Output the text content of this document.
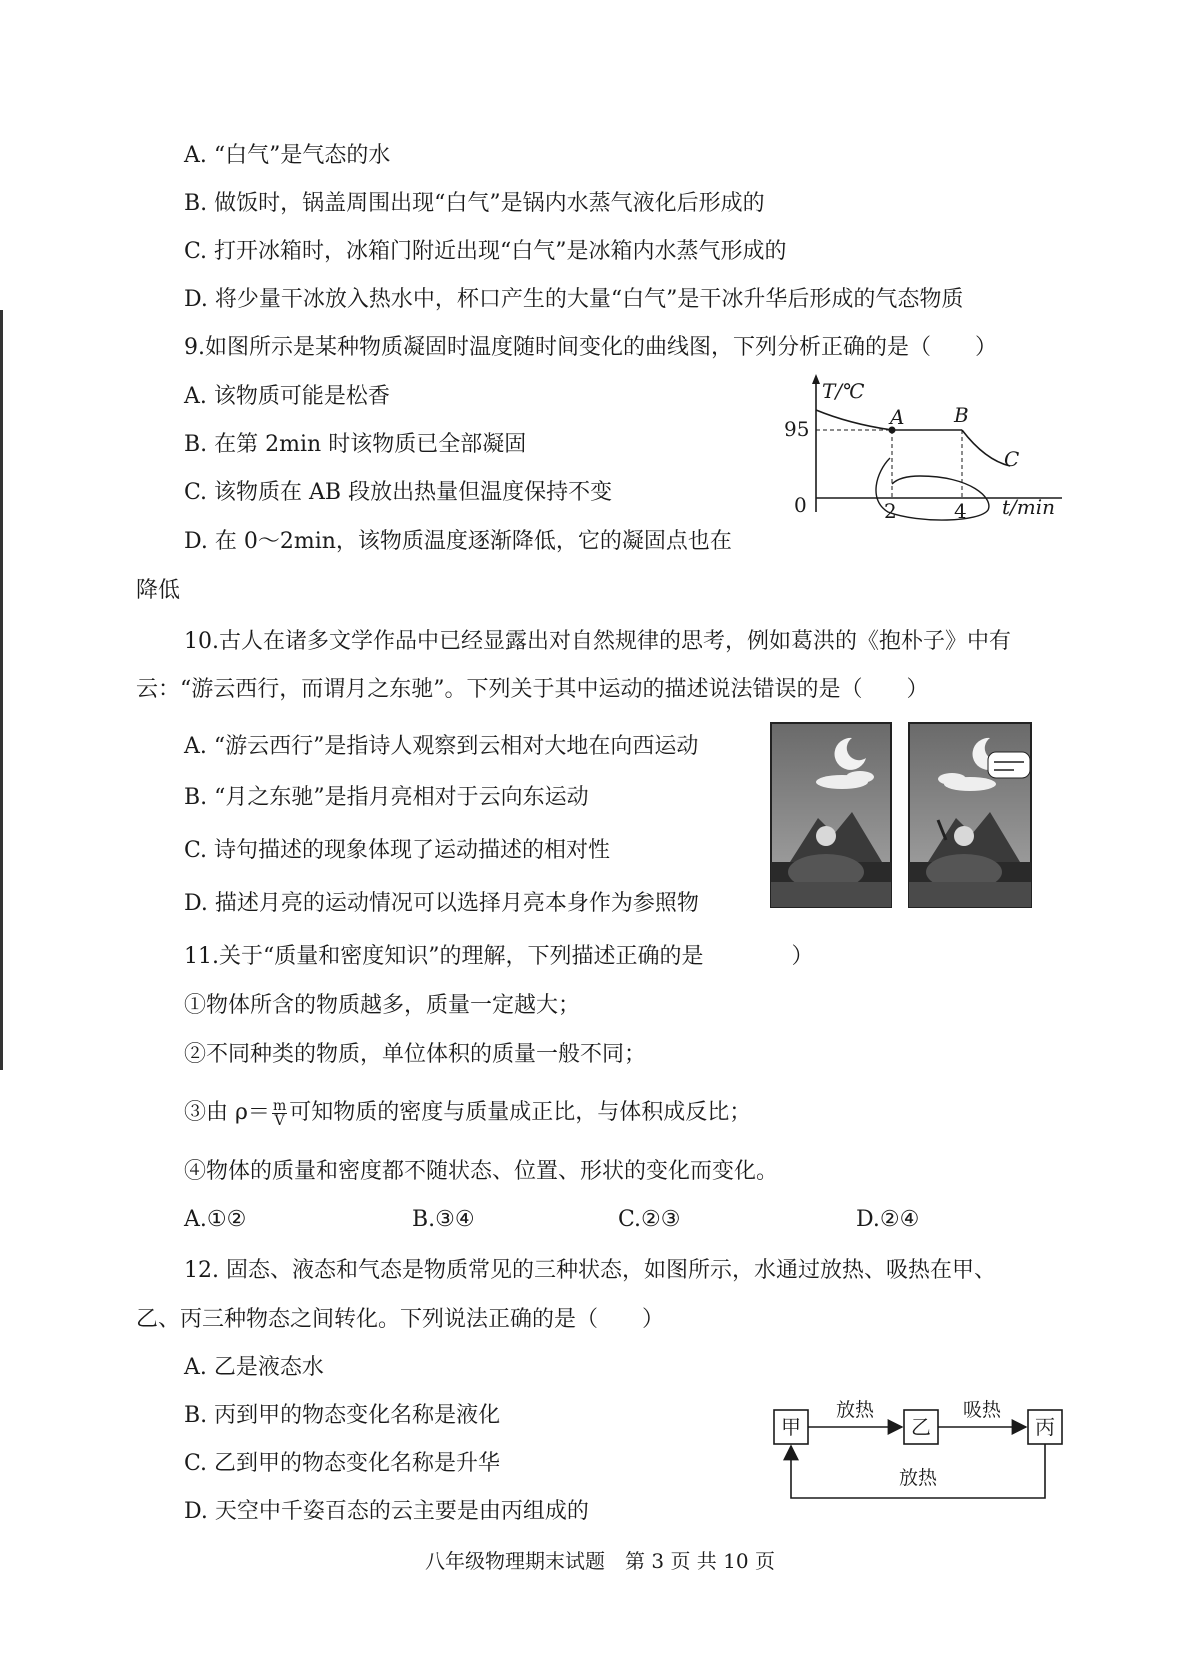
A. “白气”是气态的水
B. 做饭时，锅盖周围出现“白气”是锅内水蒸气液化后形成的
C. 打开冰箱时，冰箱门附近出现“白气”是冰箱内水蒸气形成的
D. 将少量干冰放入热水中，杯口产生的大量“白气”是干冰升华后形成的气态物质
9.如图所示是某种物质凝固时温度随时间变化的曲线图，下列分析正确的是（　　）
A. 该物质可能是松香
B. 在第 2min 时该物质已全部凝固
C. 该物质在 AB 段放出热量但温度保持不变
D. 在 0～2min，该物质温度逐渐降低，它的凝固点也在
降低
95
T/℃
0	2	4 t/min
A B
C
10.古人在诸多文学作品中已经显露出对自然规律的思考，例如葛洪的《抱朴子》中有
云：“游云西行，而谓月之东驰”。下列关于其中运动的描述说法错误的是（　　）
A. “游云西行”是指诗人观察到云相对大地在向西运动
B. “月之东驰”是指月亮相对于云向东运动
C. 诗句描述的现象体现了运动描述的相对性
D. 描述月亮的运动情况可以选择月亮本身作为参照物
11.关于“质量和密度知识”的理解，下列描述正确的是　　　　）
①物体所含的物质越多，质量一定越大；
②不同种类的物质，单位体积的质量一般不同；
③由 $\rho= \frac{m}{V}$ 可知物质的密度与质量成正比，与体积成反比；
④物体的质量和密度都不随状态、位置、形状的变化而变化。
A.①②	B.③④	C.②③	D.②④
12. 固态、液态和气态是物质常见的三种状态，如图所示，水通过放热、吸热在甲、
乙、丙三种物态之间转化。下列说法正确的是（　　）
A. 乙是液态水
B. 丙到甲的物态变化名称是液化
C. 乙到甲的物态变化名称是升华
D. 天空中千姿百态的云主要是由丙组成的
甲	乙	丙
放热	吸热
放热
八年级物理期末试题　第 3 页 共 10 页
